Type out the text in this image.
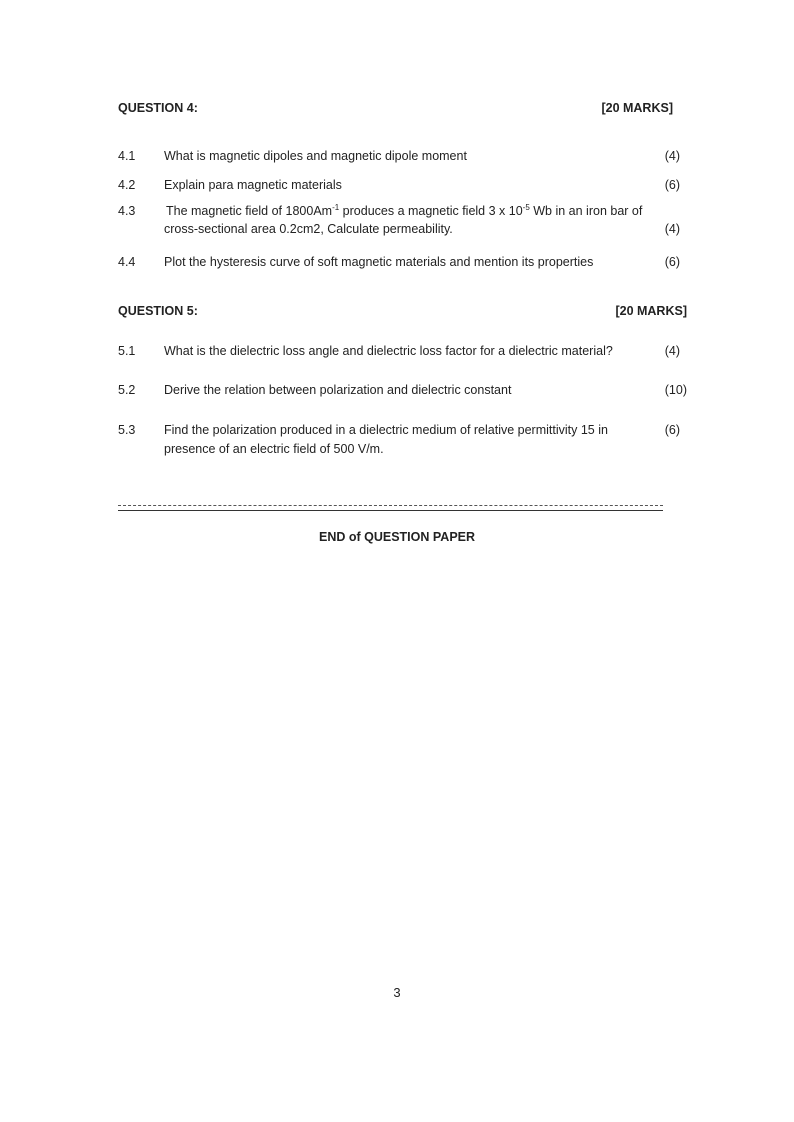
QUESTION 4:	[20 MARKS]
4.1 What is magnetic dipoles and magnetic dipole moment	(4)
4.2 Explain para magnetic materials	(6)
4.3 The magnetic field of $1800Am^{-1}$ produces a magnetic field 3 x $10^{-5}$ Wb in an iron bar of
cross-sectional area 0.2cm2, Calculate permeability.	(4)
4.4 Plot the hysteresis curve of soft magnetic materials and mention its properties	(6)
QUESTION 5:	[20 MARKS]
5.1 What is the dielectric loss angle and dielectric loss factor for a dielectric material?	(4)
5.2 Derive the relation between polarization and dielectric constant	(10)
5.3 Find the polarization produced in a dielectric medium of relative permittivity 15 in
presence of an electric field of 500 V/m.
(6)
END of QUESTION PAPER
3
